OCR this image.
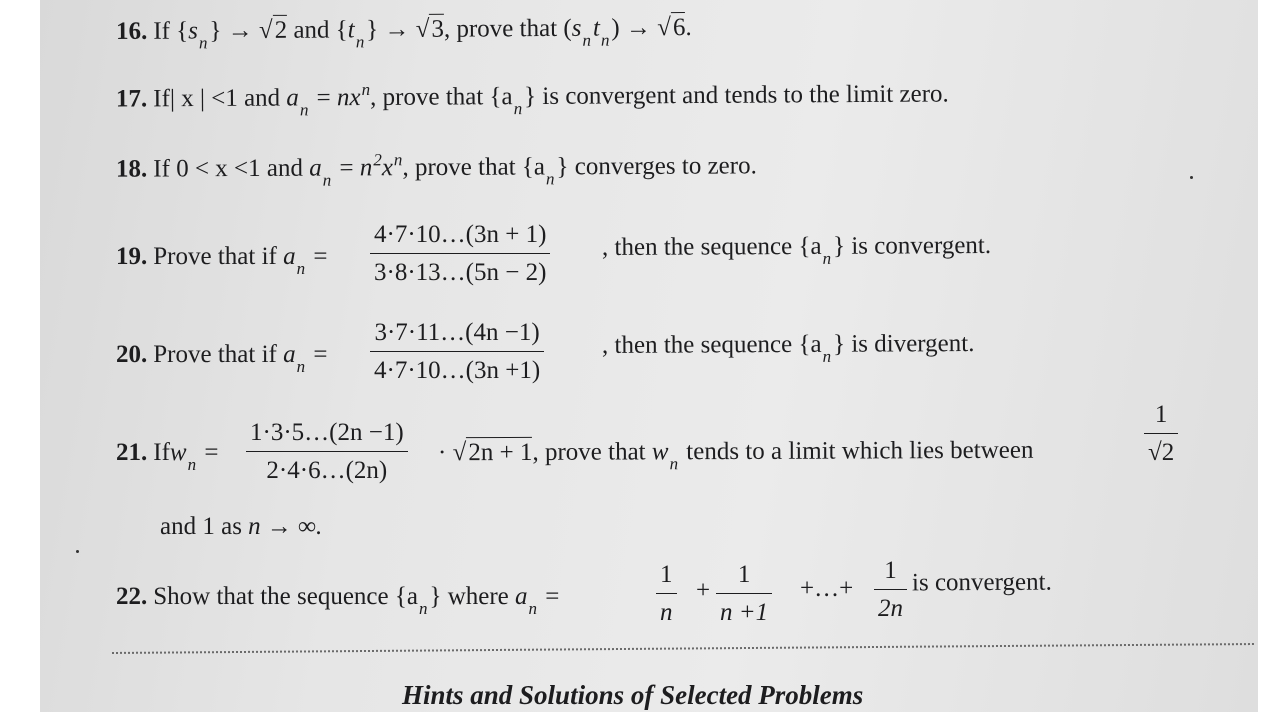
16. If $\{s_n\} \to √2$ and $\{t_n\} \to √3$, prove that $(s_nt_n) \to √6$.
17. If| x | <1 and $a_n = nx^n$, prove that $\{a_n\}$ is convergent and tends to the limit zero.
18. If 0 < x <1 and $a_n = n^2x^n$, prove that $\{a_n\}$ converges to zero.
19. Prove that if $a_n = \frac{4\cdot 7\cdot 10\dots(3n + 1)}{3\cdot 8\cdot 13\dots(5n - 2)}$ , then the sequence $\{a_n\}$ is convergent.
20. Prove that if $a_n = \frac{3\cdot 7\cdot 11\dots(4n -1)}{4\cdot 7\cdot 10\dots(3n +1)}$ , then the sequence $\{a_n\}$ is divergent.
21. $Ifw_n = \frac{1\cdot 3\cdot 5\dots(2n -1)}{2\cdot 4\cdot 6\dots(2n)} \cdot √2n + 1$, prove that $w_n$ tends to a limit which lies between	$\frac{1}{√2}$
and 1 as n → ∞.
22. Show that the sequence $\{a_n\}$ where $a_n$ =	$\frac{1}{n} + \frac{1}{n +1}$ +…+ $\frac{1}{2n}$ is convergent.
Hints and Solutions of Selected Problems
